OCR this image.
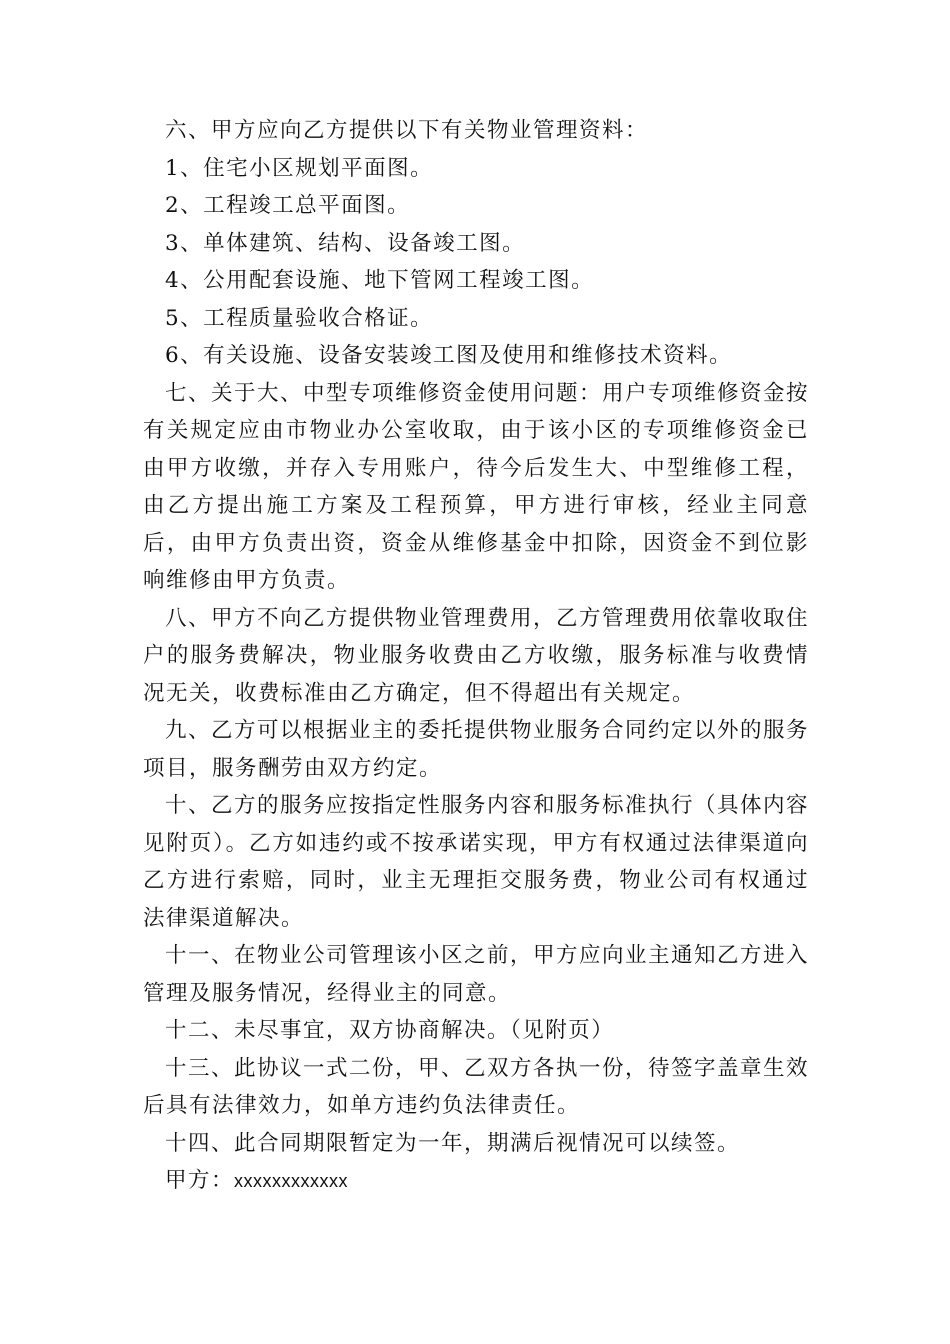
六、甲方应向乙方提供以下有关物业管理资料：
1、住宅小区规划平面图。
2、工程竣工总平面图。
3、单体建筑、结构、设备竣工图。
4、公用配套设施、地下管网工程竣工图。
5、工程质量验收合格证。
6、有关设施、设备安装竣工图及使用和维修技术资料。

七、关于大、中型专项维修资金使用问题：用户专项维修资金按有关规定应由市物业办公室收取，由于该小区的专项维修资金已由甲方收缴，并存入专用账户，待今后发生大、中型维修工程，由乙方提出施工方案及工程预算，甲方进行审核，经业主同意后，由甲方负责出资，资金从维修基金中扣除，因资金不到位影响维修由甲方负责。

八、甲方不向乙方提供物业管理费用，乙方管理费用依靠收取住户的服务费解决，物业服务收费由乙方收缴，服务标准与收费情况无关，收费标准由乙方确定，但不得超出有关规定。

九、乙方可以根据业主的委托提供物业服务合同约定以外的服务项目，服务酬劳由双方约定。

十、乙方的服务应按指定性服务内容和服务标准执行（具体内容见附页）。乙方如违约或不按承诺实现，甲方有权通过法律渠道向乙方进行索赔，同时，业主无理拒交服务费，物业公司有权通过法律渠道解决。

十一、在物业公司管理该小区之前，甲方应向业主通知乙方进入管理及服务情况，经得业主的同意。

十二、未尽事宜，双方协商解决。（见附页）

十三、此协议一式二份，甲、乙双方各执一份，待签字盖章生效后具有法律效力，如单方违约负法律责任。

十四、此合同期限暂定为一年，期满后视情况可以续签。

甲方：xxxxxxxxxxxx
